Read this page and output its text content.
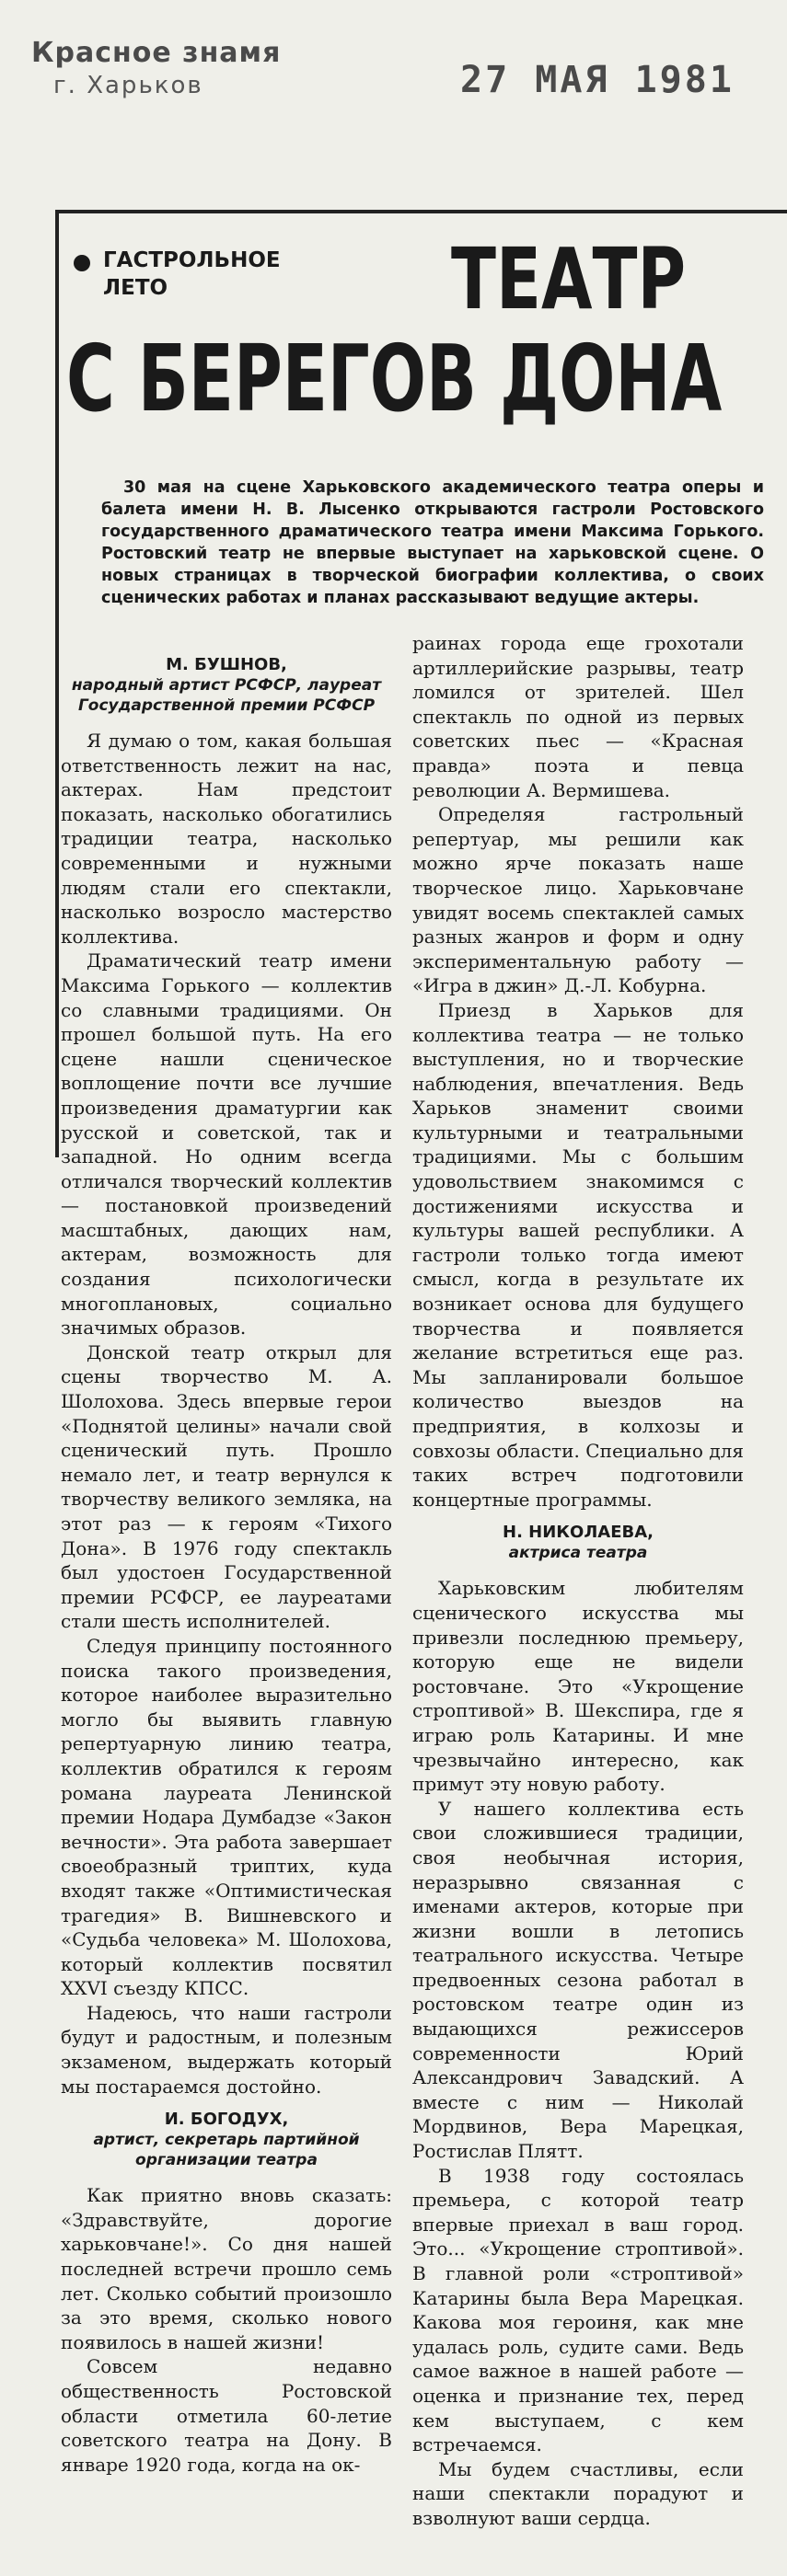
Красное знамя
г. Харьков	27 МАЯ 1981
ГАСТРОЛЬНОЕ
ЛЕТО	ТЕАТР
С БЕРЕГОВ ДОНА
30 мая на сцене Харьковского академического театра оперы и балета имени Н. В. Лысенко открываются гастроли Ростовского государственного драматического театра имени Максима Горького. Ростовский театр не впервые выступает на харьковской сцене. О новых страницах в творческой биографии коллектива, о своих сценических работах и планах рассказывают ведущие актеры.
М. БУШНОВ,
народный артист РСФСР, лауреат Государственной премии РСФСР

Я думаю о том, какая большая ответственность лежит на нас, актерах. Нам предстоит показать, насколько обогатились традиции театра, насколько современными и нужными людям стали его спектакли, насколько возросло мастерство коллектива.

Драматический театр имени Максима Горького — коллектив со славными традициями. Он прошел большой путь. На его сцене нашли сценическое воплощение почти все лучшие произведения драматургии как русской и советской, так и западной. Но одним всегда отличался творческий коллектив — постановкой произведений масштабных, дающих нам, актерам, возможность для создания психологически многоплановых, социально значимых образов.

Донской театр открыл для сцены творчество М. А. Шолохова. Здесь впервые герои «Поднятой целины» начали свой сценический путь. Прошло немало лет, и театр вернулся к творчеству великого земляка, на этот раз — к героям «Тихого Дона». В 1976 году спектакль был удостоен Государственной премии РСФСР, ее лауреатами стали шесть исполнителей.

Следуя принципу постоянного поиска такого произведения, которое наиболее выразительно могло бы выявить главную репертуарную линию театра, коллектив обратился к героям романа лауреата Ленинской премии Нодара Думбадзе «Закон вечности». Эта работа завершает своеобразный триптих, куда входят также «Оптимистическая трагедия» В. Вишневского и «Судьба человека» М. Шолохова, который коллектив посвятил XXVI съезду КПСС.

Надеюсь, что наши гастроли будут и радостным, и полезным экзаменом, выдержать который мы постараемся достойно.

И. БОГОДУХ,
артист, секретарь партийной организации театра

Как приятно вновь сказать: «Здравствуйте, дорогие харьковчане!». Со дня нашей последней встречи прошло семь лет. Сколько событий произошло за это время, сколько нового появилось в нашей жизни!

Совсем недавно общественность Ростовской области отметила 60-летие советского театра на Дону. В январе 1920 года, когда на ок-

раинах города еще грохотали артиллерийские разрывы, театр ломился от зрителей. Шел спектакль по одной из первых советских пьес — «Красная правда» поэта и певца революции А. Вермишева.

Определяя гастрольный репертуар, мы решили как можно ярче показать наше творческое лицо. Харьковчане увидят восемь спектаклей самых разных жанров и форм и одну экспериментальную работу — «Игра в джин» Д.-Л. Кобурна.

Приезд в Харьков для коллектива театра — не только выступления, но и творческие наблюдения, впечатления. Ведь Харьков знаменит своими культурными и театральными традициями. Мы с большим удовольствием знакомимся с достижениями искусства и культуры вашей республики. А гастроли только тогда имеют смысл, когда в результате их возникает основа для будущего творчества и появляется желание встретиться еще раз. Мы запланировали большое количество выездов на предприятия, в колхозы и совхозы области. Специально для таких встреч подготовили концертные программы.

Н. НИКОЛАЕВА,
актриса театра

Харьковским любителям сценического искусства мы привезли последнюю премьеру, которую еще не видели ростовчане. Это «Укрощение строптивой» В. Шекспира, где я играю роль Катарины. И мне чрезвычайно интересно, как примут эту новую работу.

У нашего коллектива есть свои сложившиеся традиции, своя необычная история, неразрывно связанная с именами актеров, которые при жизни вошли в летопись театрального искусства. Четыре предвоенных сезона работал в ростовском театре один из выдающихся режиссеров современности Юрий Александрович Завадский. А вместе с ним — Николай Мордвинов, Вера Марецкая, Ростислав Плятт.

В 1938 году состоялась премьера, с которой театр впервые приехал в ваш город. Это... «Укрощение строптивой». В главной роли «строптивой» Катарины была Вера Марецкая. Какова моя героиня, как мне удалась роль, судите сами. Ведь самое важное в нашей работе — оценка и признание тех, перед кем выступаем, с кем встречаемся.

Мы будем счастливы, если наши спектакли порадуют и взволнуют ваши сердца.
